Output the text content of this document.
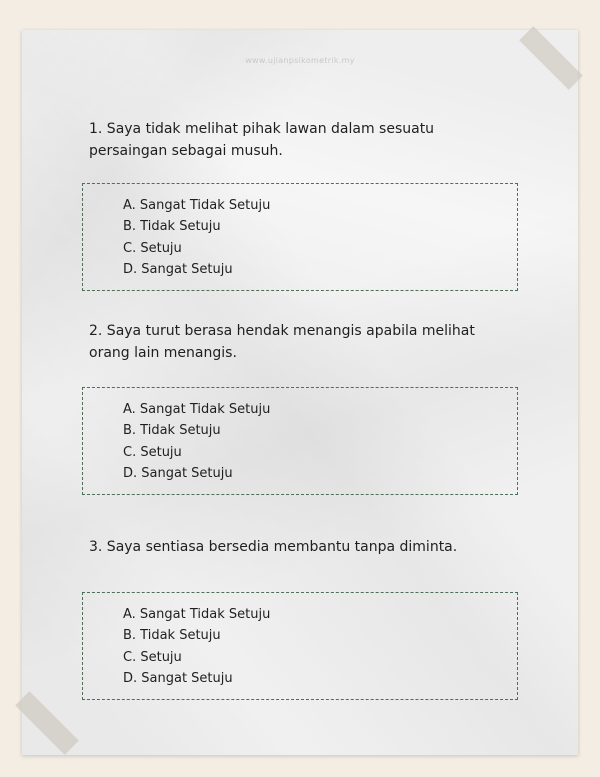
www.ujianpsikometrik.my
1. Saya tidak melihat pihak lawan dalam sesuatu persaingan sebagai musuh.
A. Sangat Tidak Setuju
B. Tidak Setuju
C. Setuju
D. Sangat Setuju
2. Saya turut berasa hendak menangis apabila melihat orang lain menangis.
A. Sangat Tidak Setuju
B. Tidak Setuju
C. Setuju
D. Sangat Setuju
3. Saya sentiasa bersedia membantu tanpa diminta.
A. Sangat Tidak Setuju
B. Tidak Setuju
C. Setuju
D. Sangat Setuju
